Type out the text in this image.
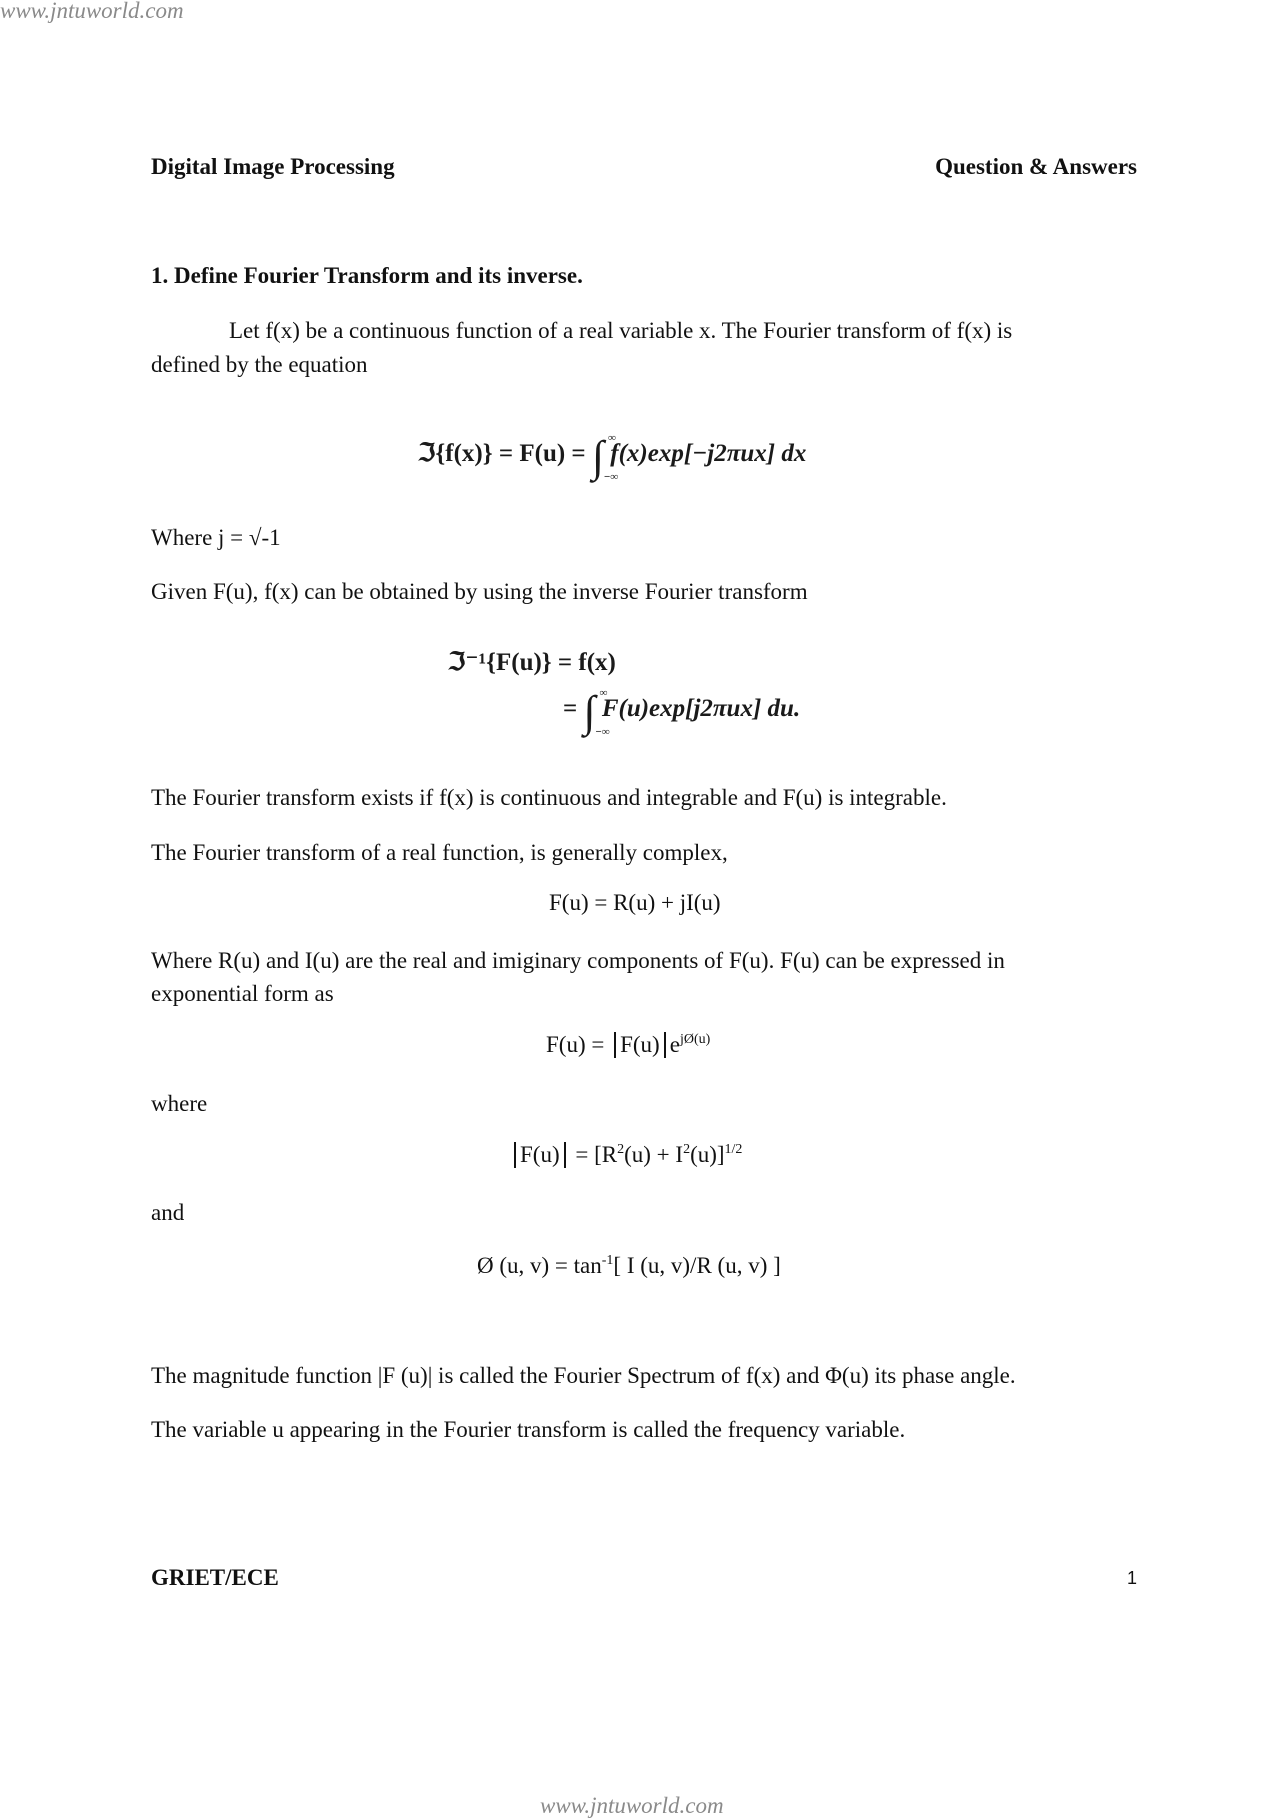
www.jntuworld.com
Digital Image Processing	Question & Answers
1. Define Fourier Transform and its inverse.
Let f(x) be a continuous function of a real variable x. The Fourier transform of f(x) is
defined by the equation
ℑ{f(x)} = F(u) = ∫ ∞
−∞
f(x)exp[−j2πux] dx
Where j = √-1
Given F(u), f(x) can be obtained by using the inverse Fourier transform
ℑ⁻¹{F(u)} = f(x)
= ∫ ∞
−∞
F(u)exp[j2πux] du.
The Fourier transform exists if f(x) is continuous and integrable and F(u) is integrable.
The Fourier transform of a real function, is generally complex,
F(u) = R(u) + jI(u)
Where R(u) and I(u) are the real and imiginary components of F(u). F(u) can be expressed in
exponential form as
F(u) = F(u) $e^{jØ(u)}$
where
$F(u) = [R^2(u) + I^2(u)]^{1/2}$
and
Ø (u, $v) = \tan^{-1}$[ I (u, v)/R (u, v) ]
The magnitude function |F (u)| is called the Fourier Spectrum of f(x) and Φ(u) its phase angle.
The variable u appearing in the Fourier transform is called the frequency variable.
GRIET/ECE	1
www.jntuworld.com
